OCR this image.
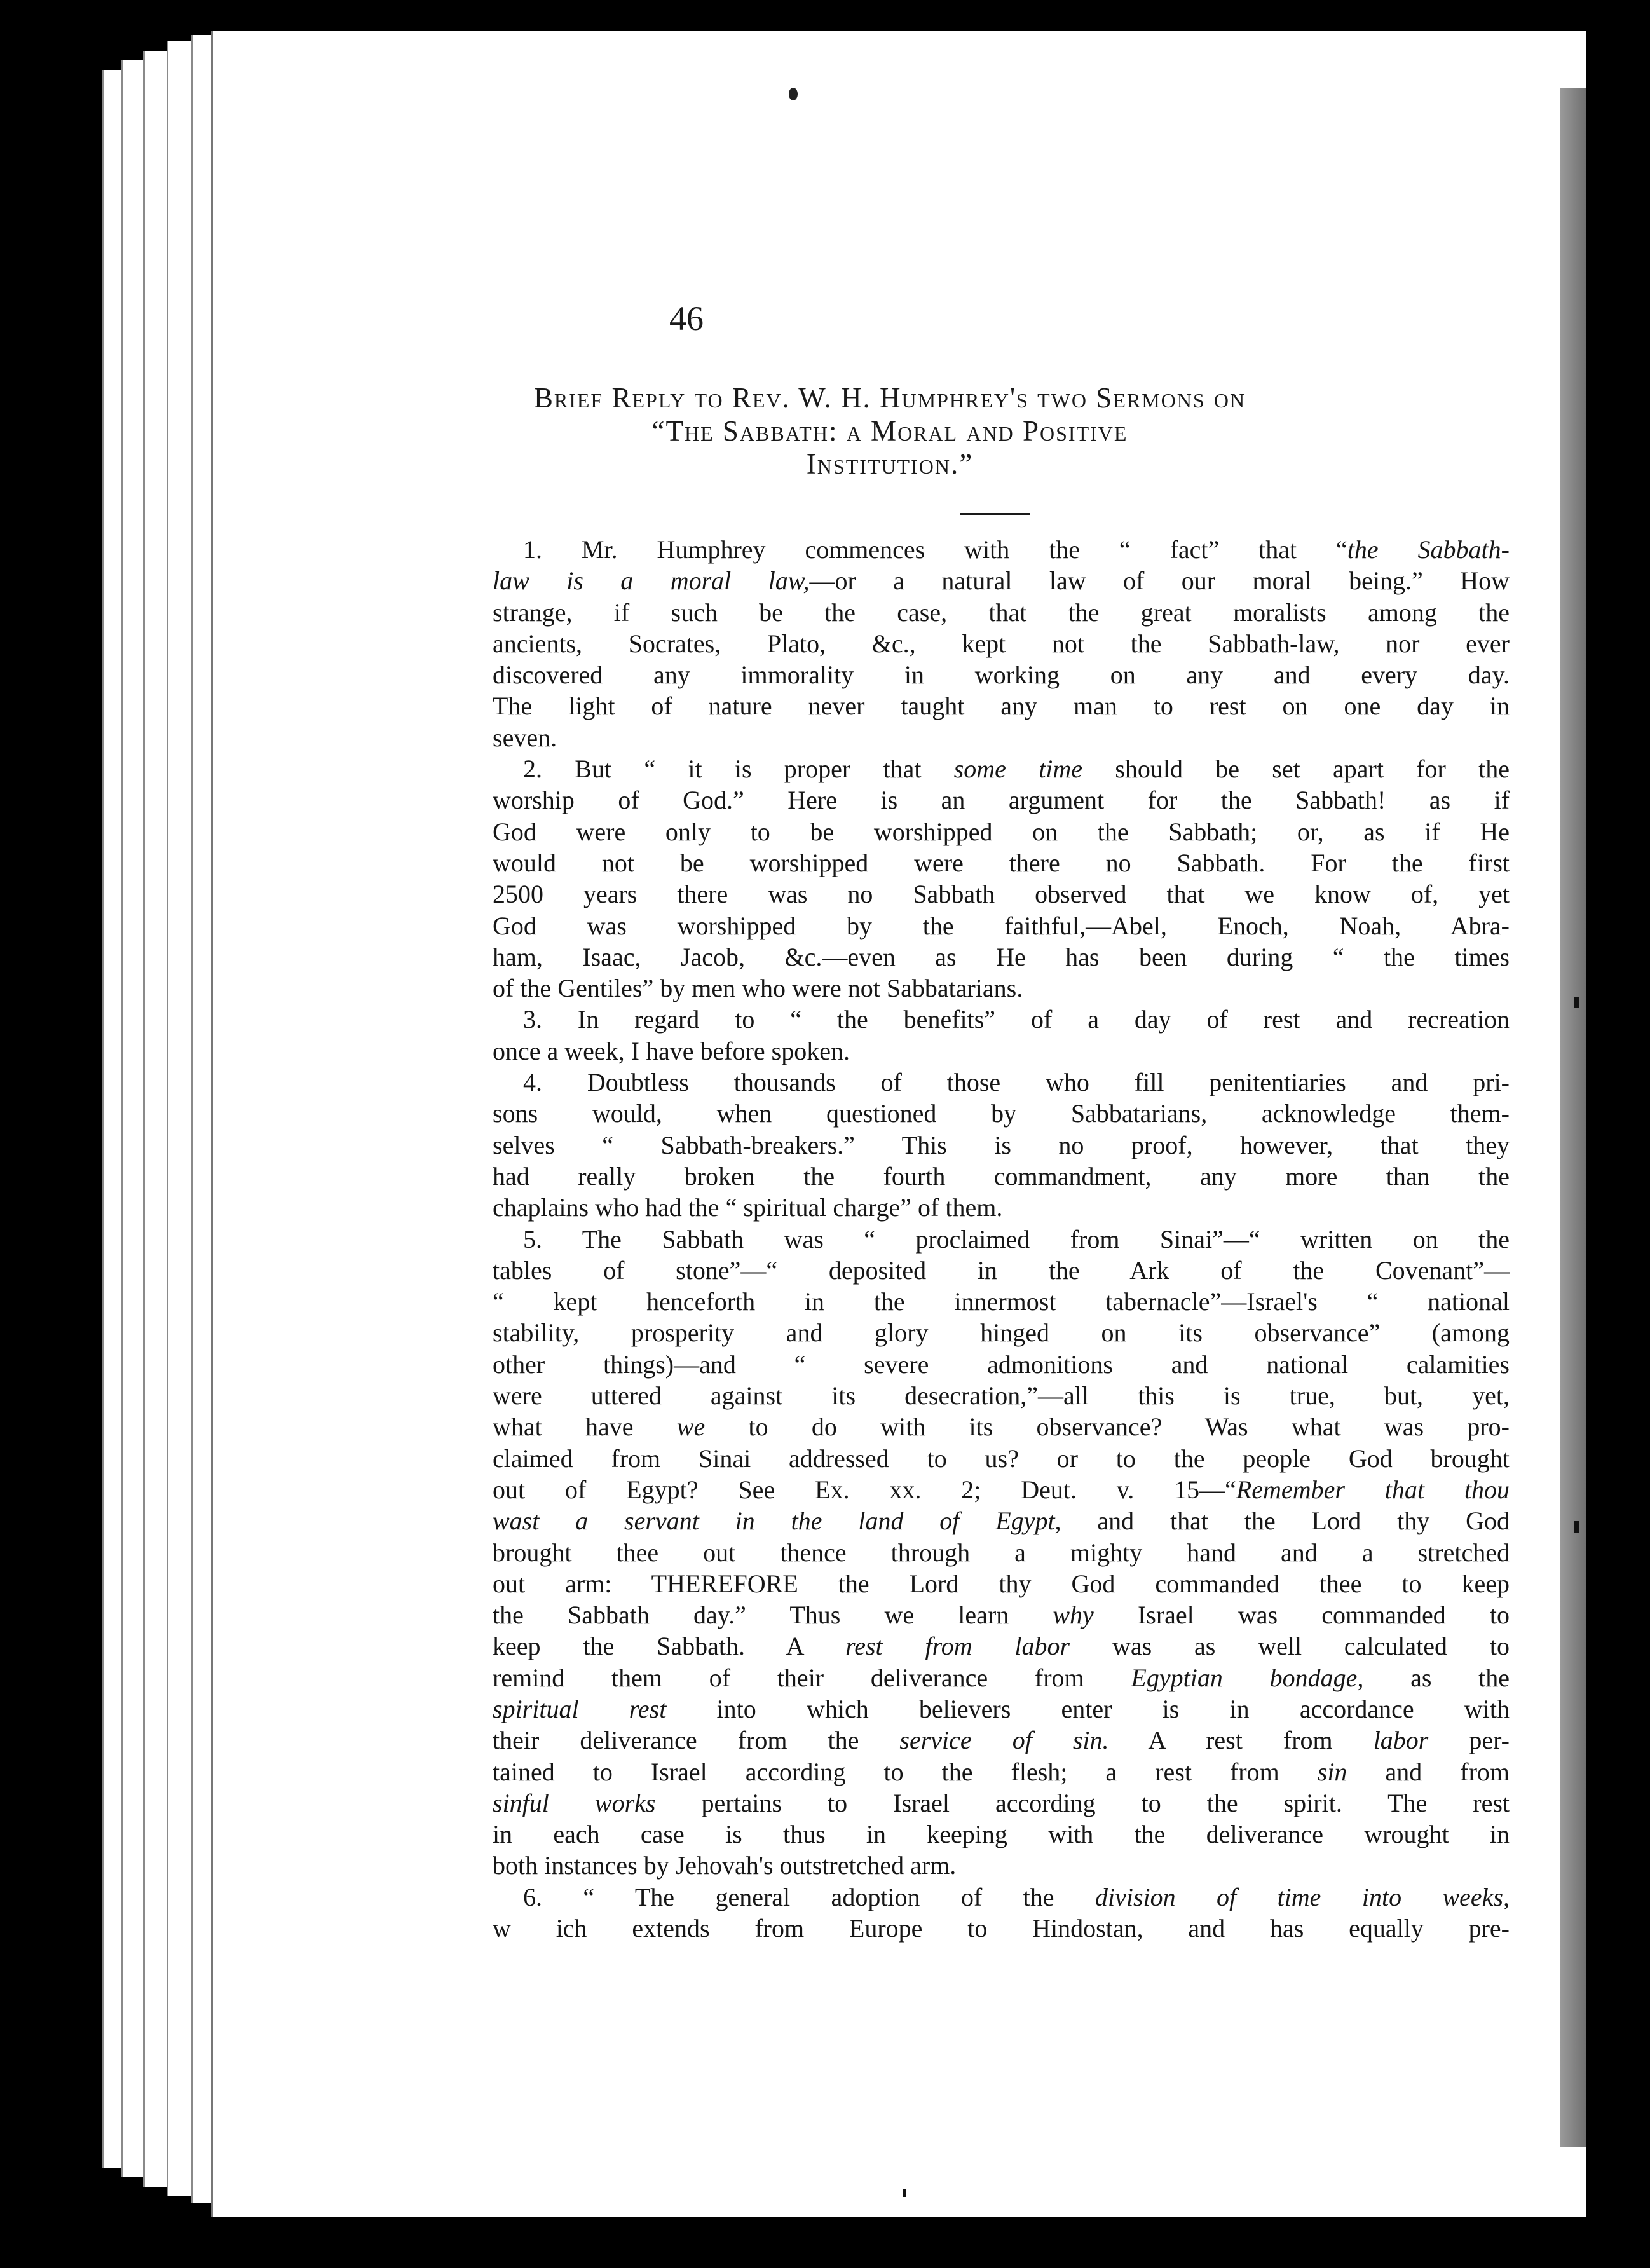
46
Brief Reply to Rev. W. H. Humphrey's two Sermons on
“The Sabbath: a Moral and Positive
Institution.”
1. Mr. Humphrey commences with the “ fact” that “the Sabbath-
law is a moral law,—or a natural law of our moral being.” How
strange, if such be the case, that the great moralists among the
ancients, Socrates, Plato, &c., kept not the Sabbath-law, nor ever
discovered any immorality in working on any and every day.
The light of nature never taught any man to rest on one day in
seven.
2. But “ it is proper that some time should be set apart for the
worship of God.” Here is an argument for the Sabbath! as if
God were only to be worshipped on the Sabbath; or, as if He
would not be worshipped were there no Sabbath. For the first
2500 years there was no Sabbath observed that we know of, yet
God was worshipped by the faithful,—Abel, Enoch, Noah, Abra-
ham, Isaac, Jacob, &c.—even as He has been during “ the times
of the Gentiles” by men who were not Sabbatarians.
3. In regard to “ the benefits” of a day of rest and recreation
once a week, I have before spoken.
4. Doubtless thousands of those who fill penitentiaries and pri-
sons would, when questioned by Sabbatarians, acknowledge them-
selves “ Sabbath-breakers.” This is no proof, however, that they
had really broken the fourth commandment, any more than the
chaplains who had the “ spiritual charge” of them.
5. The Sabbath was “ proclaimed from Sinai”—“ written on the
tables of stone”—“ deposited in the Ark of the Covenant”—
“ kept henceforth in the innermost tabernacle”—Israel's “ national
stability, prosperity and glory hinged on its observance” (among
other things)—and “ severe admonitions and national calamities
were uttered against its desecration,”—all this is true, but, yet,
what have we to do with its observance? Was what was pro-
claimed from Sinai addressed to us? or to the people God brought
out of Egypt? See Ex. xx. 2; Deut. v. 15—“Remember that thou
wast a servant in the land of Egypt, and that the Lord thy God
brought thee out thence through a mighty hand and a stretched
out arm: THEREFORE the Lord thy God commanded thee to keep
the Sabbath day.” Thus we learn why Israel was commanded to
keep the Sabbath. A rest from labor was as well calculated to
remind them of their deliverance from Egyptian bondage, as the
spiritual rest into which believers enter is in accordance with
their deliverance from the service of sin. A rest from labor per-
tained to Israel according to the flesh; a rest from sin and from
sinful works pertains to Israel according to the spirit. The rest
in each case is thus in keeping with the deliverance wrought in
both instances by Jehovah's outstretched arm.
6. “ The general adoption of the division of time into weeks,
w ich extends from Europe to Hindostan, and has equally pre-
